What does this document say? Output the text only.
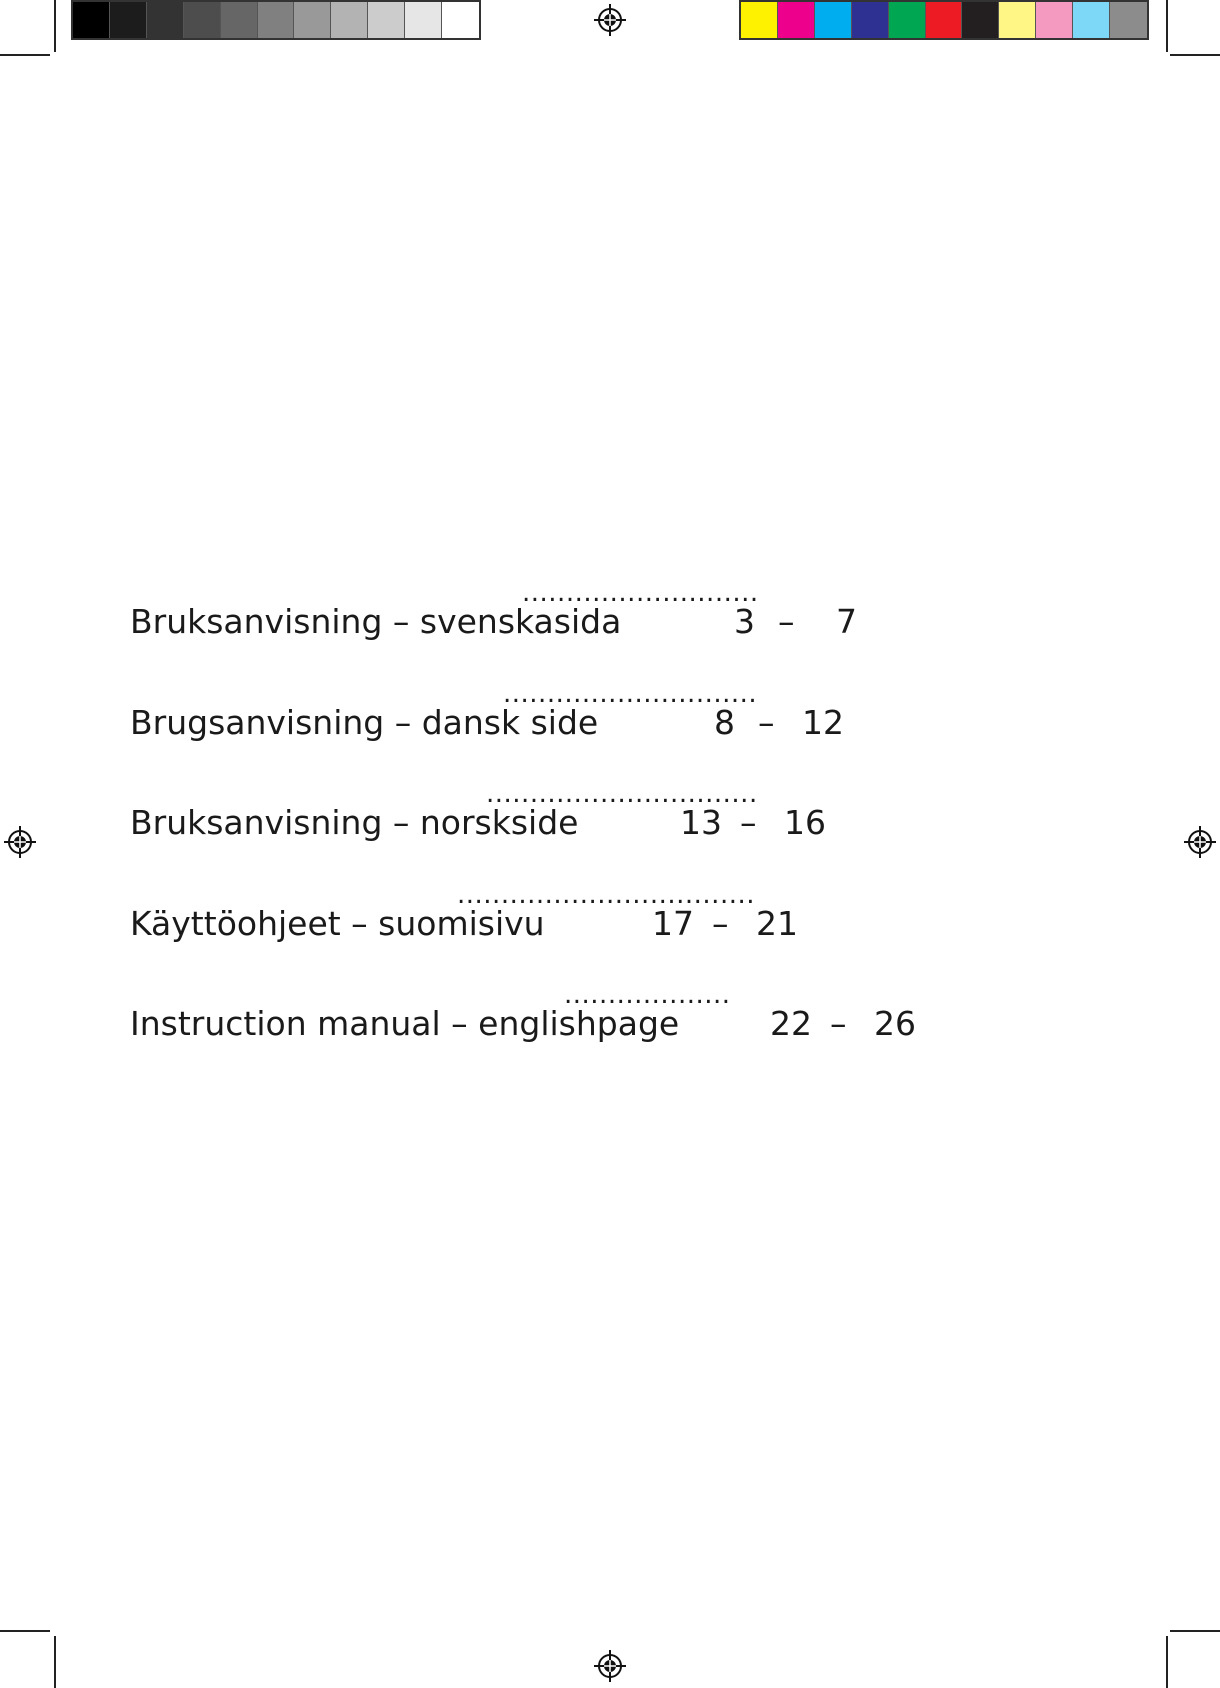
Bruksanvisning – svenskasida
...........................
3 – 7
Brugsanvisning – dansk side
.............................
8 – 12
Bruksanvisning – norskside
...............................
13 – 16
Käyttöohjeet – suomisivu
..................................
17 – 21
Instruction manual – englishpage
...................
22 – 26
